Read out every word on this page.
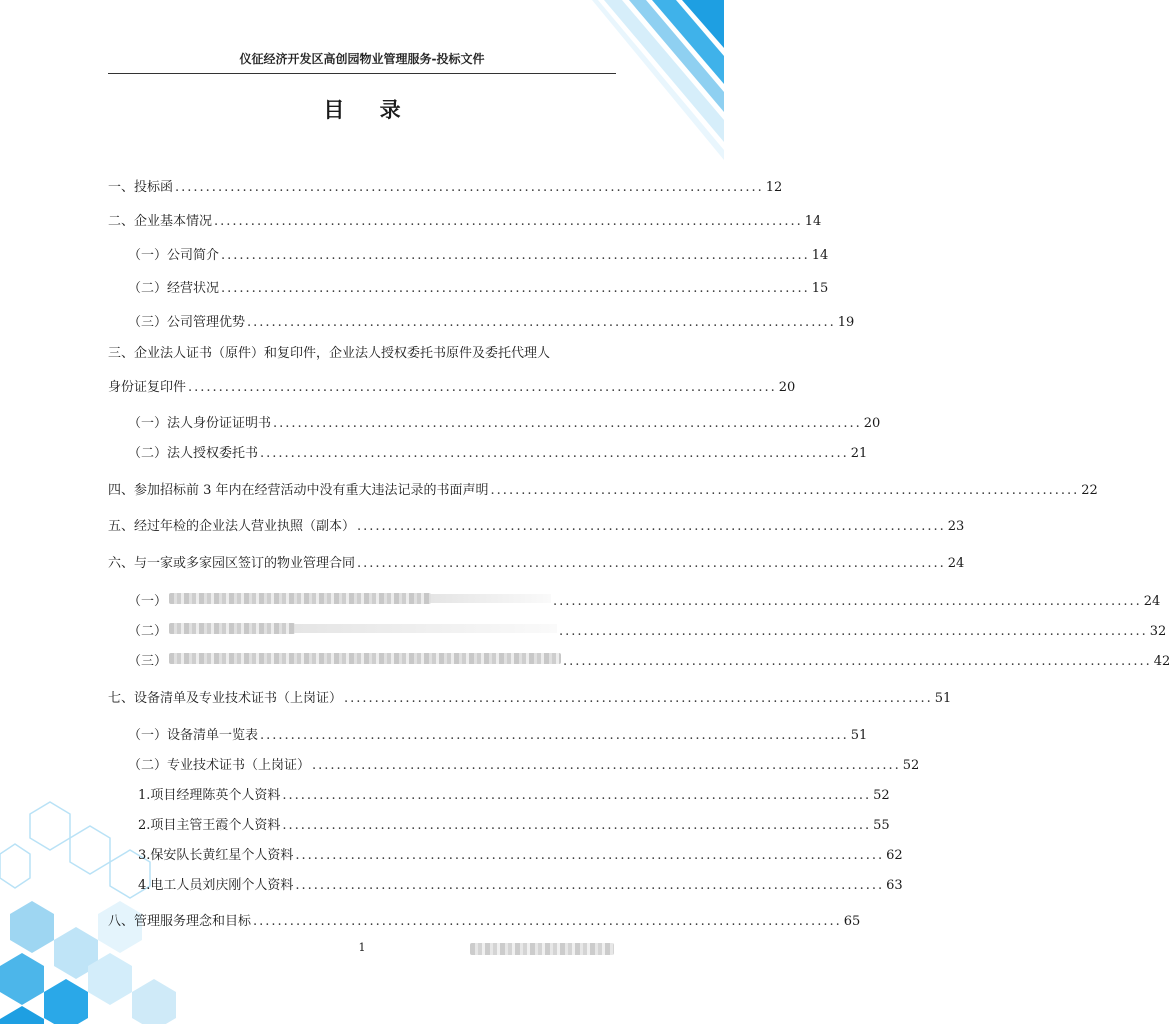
仪征经济开发区高创园物业管理服务-投标文件
目 录
一、投标函 ................................................................................................ 12
二、企业基本情况 ................................................................................................ 14
（一）公司简介 ................................................................................................ 14
（二）经营状况 ................................................................................................ 15
（三）公司管理优势 ................................................................................................ 19
三、企业法人证书（原件）和复印件，企业法人授权委托书原件及委托代理人
身份证复印件 ................................................................................................ 20
（一）法人身份证证明书 ................................................................................................ 20
（二）法人授权委托书 ................................................................................................ 21
四、参加招标前 3 年内在经营活动中没有重大违法记录的书面声明 ................................................................................................ 22
五、经过年检的企业法人营业执照（副本） ................................................................................................ 23
六、与一家或多家园区签订的物业管理合同 ................................................................................................ 24
（一）	................................................................................................ 24
（二）	................................................................................................ 32
（三）	................................................................................................ 42
七、设备清单及专业技术证书（上岗证） ................................................................................................ 51
（一）设备清单一览表 ................................................................................................ 51
（二）专业技术证书（上岗证） ................................................................................................ 52
1.项目经理陈英个人资料 ................................................................................................ 52
2.项目主管王霞个人资料 ................................................................................................ 55
3.保安队长黄红星个人资料 ................................................................................................ 62
4.电工人员刘庆刚个人资料 ................................................................................................ 63
八、管理服务理念和目标 ................................................................................................ 65
1
